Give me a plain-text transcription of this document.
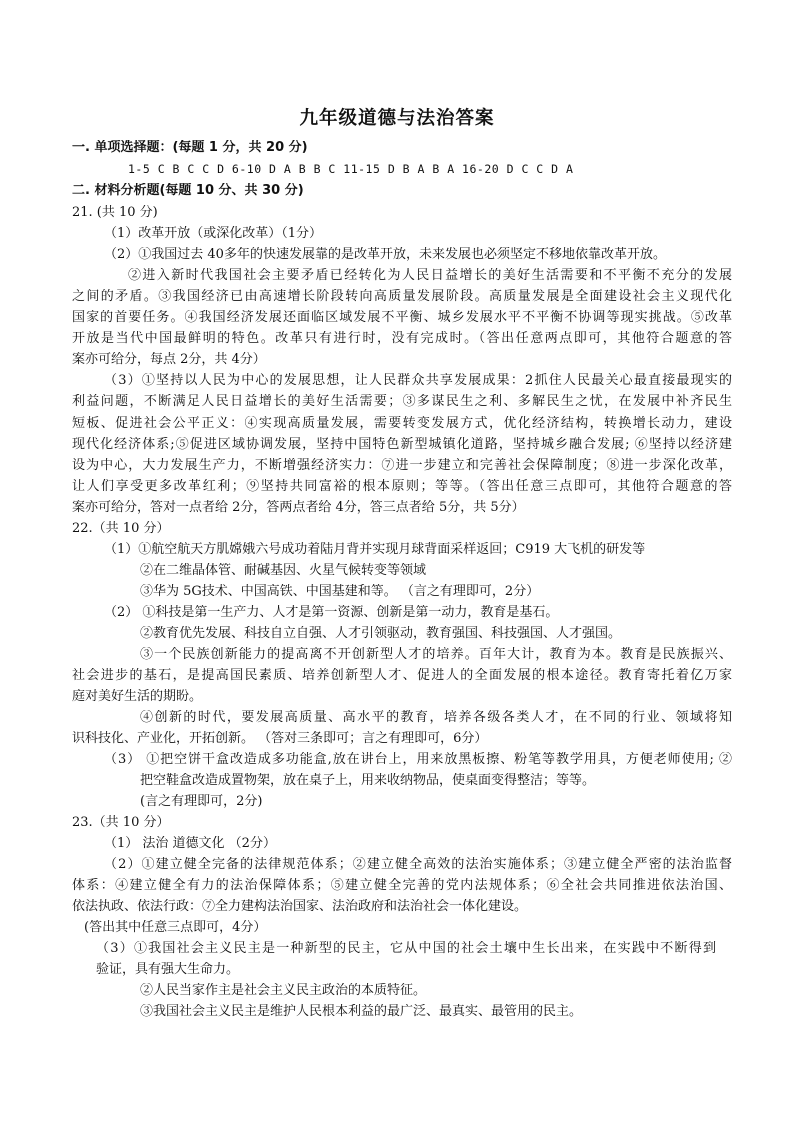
九年级道德与法治答案
一. 单项选择题：(每题 1 分，共 20 分)
1-5 C B C C D 6-10 D A B B C 11-15 D B A B A 16-20 D C C D A
二. 材料分析题(每题 10 分、共 30 分)
21. (共 10 分)
（1）改革开放（或深化改革）（1分）
（2）①我国过去 40多年的快速发展靠的是改革开放，未来发展也必须坚定不移地依靠改革开放。
②进入新时代我国社会主要矛盾已经转化为人民日益增长的美好生活需要和不平衡不充分的发展
之间的矛盾。③我国经济已由高速增长阶段转向高质量发展阶段。高质量发展是全面建设社会主义现代化
国家的首要任务。④我国经济发展还面临区域发展不平衡、城乡发展水平不平衡不协调等现实挑战。⑤改革
开放是当代中国最鲜明的特色。改革只有进行时，没有完成时。（答出任意两点即可，其他符合题意的答
案亦可给分，每点 2分，共 4分）
（3）①坚持以人民为中心的发展思想，让人民群众共享发展成果：2抓住人民最关心最直接最现实的
利益问题，不断满足人民日益增长的美好生活需要；③多谋民生之利、多解民生之忧，在发展中补齐民生
短板、促进社会公平正义：④实现高质量发展，需要转变发展方式，优化经济结构，转换增长动力，建设
现代化经济体系;⑤促进区域协调发展，坚持中国特色新型城镇化道路，坚持城乡融合发展; ⑥坚持以经济建
设为中心，大力发展生产力，不断增强经济实力：⑦进一步建立和完善社会保障制度；⑧进一步深化改革，
让人们享受更多改革红利；⑨坚持共同富裕的根本原则；等等。（答出任意三点即可，其他符合题意的答
案亦可给分，答对一点者给 2分，答两点者给 4分，答三点者给 5分，共 5分）
22.（共 10 分）
（1）①航空航天方肌嫦娥六号成功着陆月背并实现月球背面采样返回；C919 大飞机的研发等
②在二维晶体管、耐碱基因、火星气候转变等领域
③华为 5G技术、中国高铁、中国基建和等。 （言之有理即可，2分）
（2） ①科技是第一生产力、人才是第一资源、创新是第一动力，教育是基石。
②教育优先发展、科技自立自强、人才引领驱动，教育强国、科技强国、人才强国。
③一个民族创新能力的提高离不开创新型人才的培养。百年大计，教育为本。教育是民族振兴、
社会进步的基石，是提高国民素质、培养创新型人才、促进人的全面发展的根本途径。教育寄托着亿万家
庭对美好生活的期盼。
④创新的时代，要发展高质量、高水平的教育，培养各级各类人才，在不同的行业、领域将知
识科技化、产业化，开拓创新。 （答对三条即可；言之有理即可，6分）
（3） ①把空饼干盒改造成多功能盒,放在讲台上，用来放黑板擦、粉笔等教学用具，方便老师使用; ②
把空鞋盒改造成置物架，放在桌子上，用来收纳物品，使桌面变得整洁；等等。
(言之有理即可，2分)
23.（共 10 分）
（1） 法治 道德文化 （2分）
（2）①建立健全完备的法律规范体系；②建立健全高效的法治实施体系；③建立健全严密的法治监督
体系：④建立健全有力的法治保障体系；⑤建立健全完善的党内法规体系；⑥全社会共同推进依法治国、
依法执政、依法行政：⑦全力建构法治国家、法治政府和法治社会一体化建设。
(答出其中任意三点即可，4分）
（3）①我国社会主义民主是一种新型的民主，它从中国的社会土壤中生长出来，在实践中不断得到
验证，具有强大生命力。
②人民当家作主是社会主义民主政治的本质特征。
③我国社会主义民主是维护人民根本利益的最广泛、最真实、最管用的民主。
